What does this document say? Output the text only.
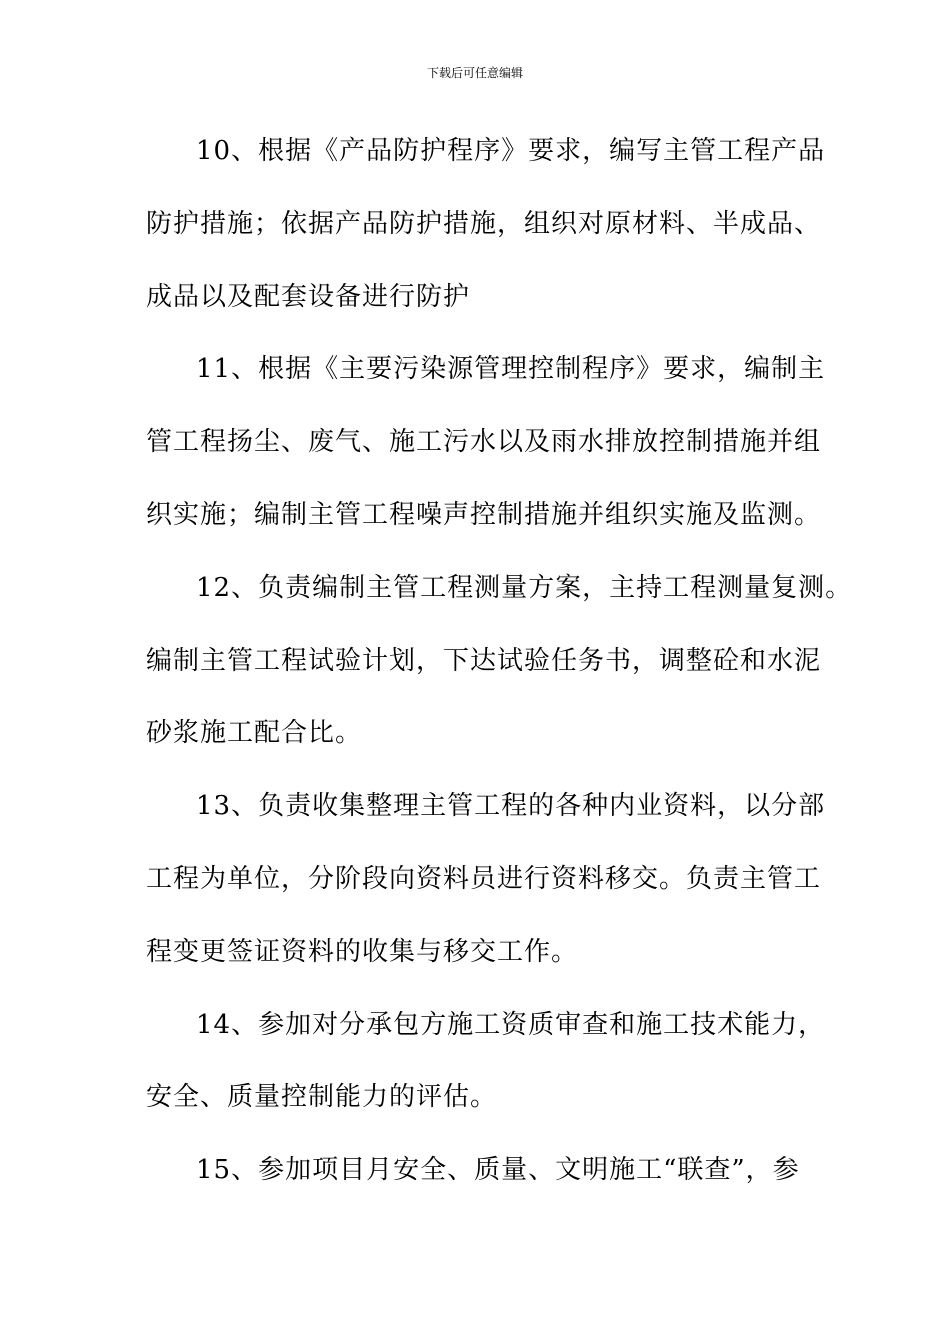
下载后可任意编辑
10、根据《产品防护程序》要求，编写主管工程产品
防护措施；依据产品防护措施，组织对原材料、半成品、
成品以及配套设备进行防护
11、根据《主要污染源管理控制程序》要求，编制主
管工程扬尘、废气、施工污水以及雨水排放控制措施并组
织实施；编制主管工程噪声控制措施并组织实施及监测。
12、负责编制主管工程测量方案，主持工程测量复测。
编制主管工程试验计划，下达试验任务书，调整砼和水泥
砂浆施工配合比。
13、负责收集整理主管工程的各种内业资料，以分部
工程为单位，分阶段向资料员进行资料移交。负责主管工
程变更签证资料的收集与移交工作。
14、参加对分承包方施工资质审查和施工技术能力，
安全、质量控制能力的评估。
15、参加项目月安全、质量、文明施工“联查”，参
